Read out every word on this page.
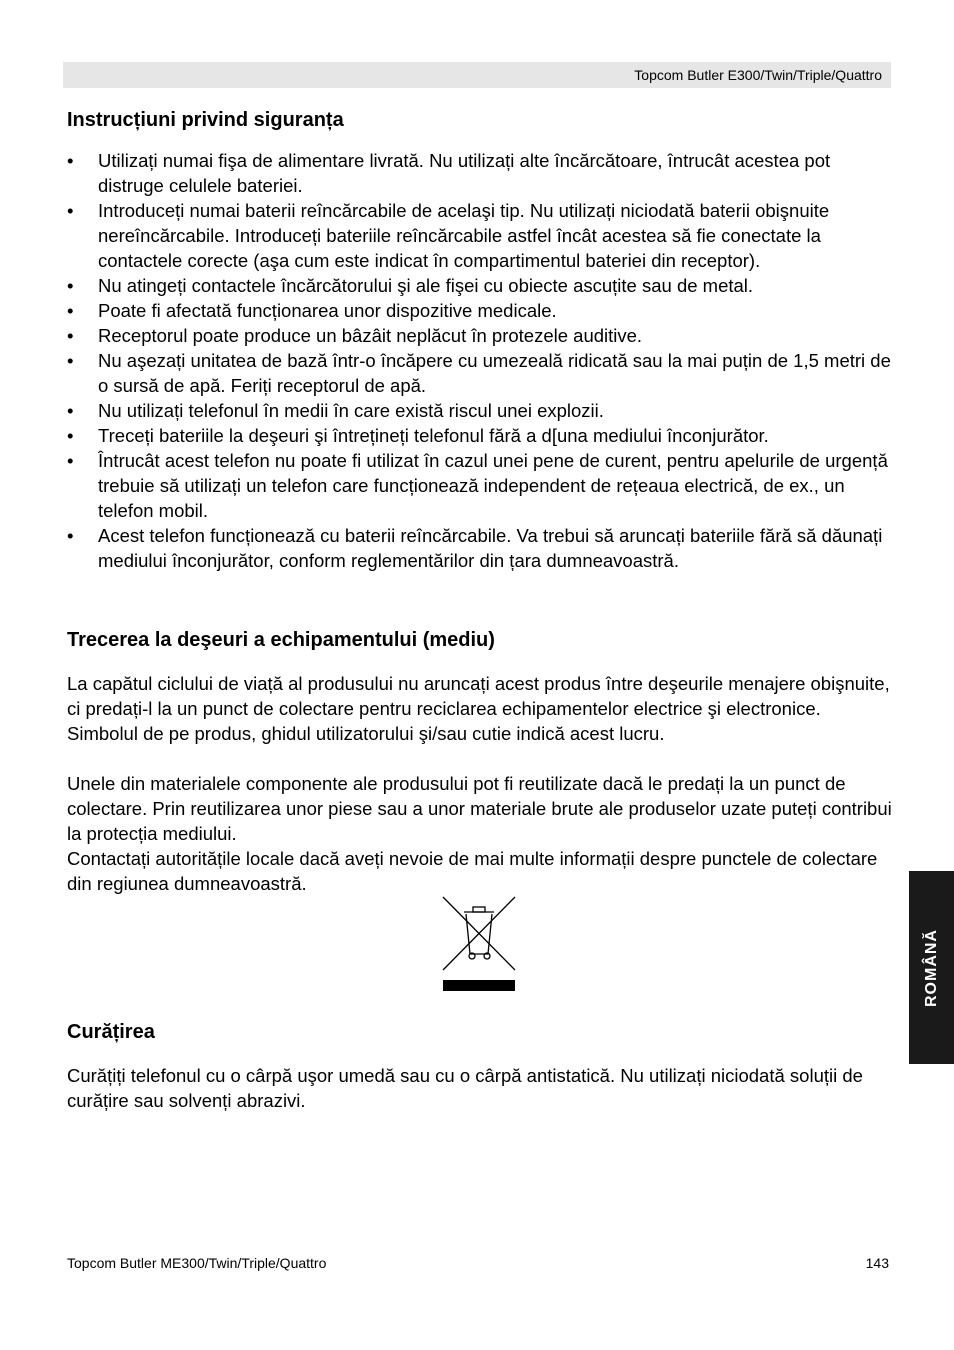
Topcom Butler E300/Twin/Triple/Quattro
Instrucțiuni privind siguranța
• Utilizați numai fişa de alimentare livrată. Nu utilizați alte încărcătoare, întrucât acestea pot distruge celulele bateriei.
• Introduceți numai baterii reîncărcabile de acelaşi tip. Nu utilizați niciodată baterii obişnuite nereîncărcabile. Introduceți bateriile reîncărcabile astfel încât acestea să fie conectate la contactele corecte (aşa cum este indicat în compartimentul bateriei din receptor).
• Nu atingeți contactele încărcătorului şi ale fişei cu obiecte ascuțite sau de metal.
• Poate fi afectată funcționarea unor dispozitive medicale.
• Receptorul poate produce un bâzâit neplăcut în protezele auditive.
• Nu aşezați unitatea de bază într-o încăpere cu umezeală ridicată sau la mai puțin de 1,5 metri de o sursă de apă. Feriți receptorul de apă.
• Nu utilizați telefonul în medii în care există riscul unei explozii.
• Treceți bateriile la deşeuri şi întrețineți telefonul fără a d[una mediului înconjurător.
• Întrucât acest telefon nu poate fi utilizat în cazul unei pene de curent, pentru apelurile de urgență trebuie să utilizați un telefon care funcționează independent de rețeaua electrică, de ex., un telefon mobil.
• Acest telefon funcționează cu baterii reîncărcabile. Va trebui să aruncați bateriile fără să dăunați mediului înconjurător, conform reglementărilor din țara dumneavoastră.
Trecerea la deşeuri a echipamentului (mediu)

La capătul ciclului de viață al produsului nu aruncați acest produs între deşeurile menajere obişnuite, ci predați-l la un punct de colectare pentru reciclarea echipamentelor electrice şi electronice. Simbolul de pe produs, ghidul utilizatorului şi/sau cutie indică acest lucru.

Unele din materialele componente ale produsului pot fi reutilizate dacă le predați la un punct de colectare. Prin reutilizarea unor piese sau a unor materiale brute ale produselor uzate puteți contribui la protecția mediului.

Contactați autoritățile locale dacă aveți nevoie de mai multe informații despre punctele de colectare din regiunea dumneavoastră.

Curățirea

Curățiți telefonul cu o cârpă uşor umedă sau cu o cârpă antistatică. Nu utilizați niciodată soluții de curățire sau solvenți abrazivi.

ROMÂNĂ
Topcom Butler ME300/Twin/Triple/Quattro	143
